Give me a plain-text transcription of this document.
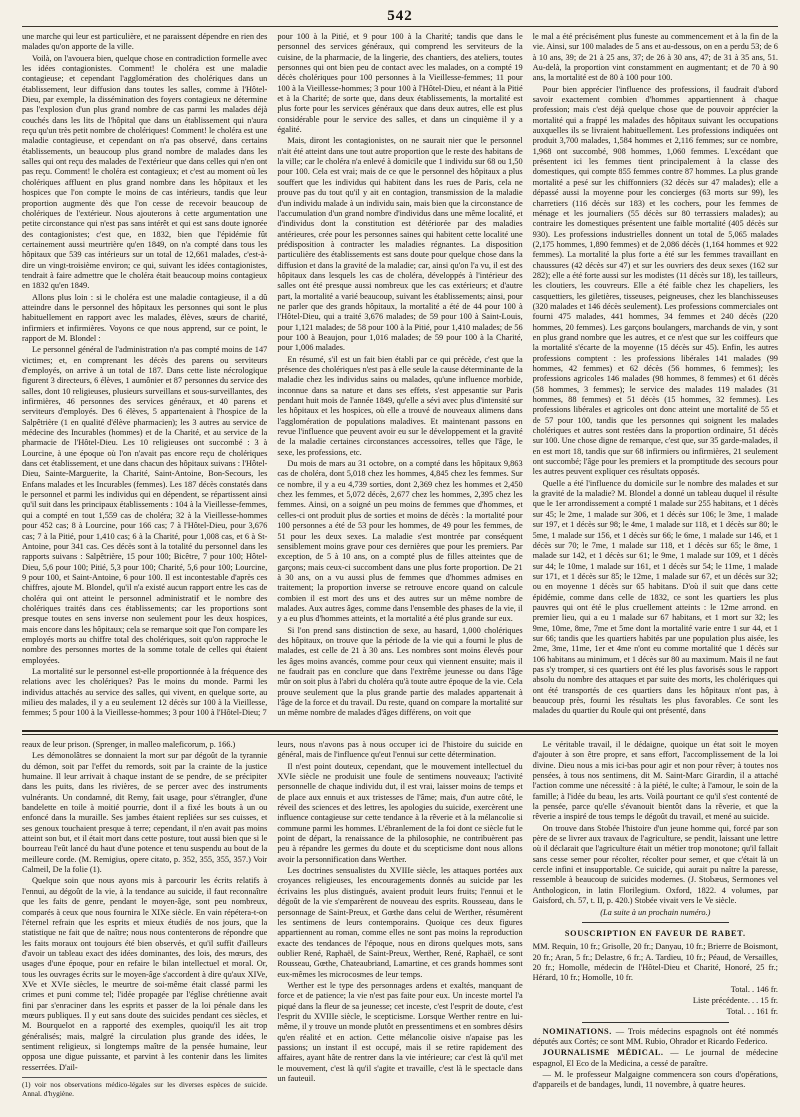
542

une marche qui leur est particulière, et ne paraissent dépendre en rien des malades qu'on apporte de la ville.

Voilà, on l'avouera bien, quelque chose en contradiction formelle avec les idées contagionistes. Comment! le choléra est une maladie contagieuse; et cependant l'agglomération des cholériques dans un établissement, leur diffusion dans toutes les salles, comme à l'Hôtel-Dieu, par exemple, la dissémination des foyers contagieux ne détermine pas l'explosion d'un plus grand nombre de cas parmi les malades déjà couchés dans les lits de l'hôpital que dans un établissement qui n'aura reçu qu'un très petit nombre de cholériques! Comment! le choléra est une maladie contagieuse, et cependant on n'a pas observé, dans certains établissements, un beaucoup plus grand nombre de malades dans les salles qui ont reçu des malades de l'extérieur que dans celles qui n'en ont pas reçu. Comment! le choléra est contagieux; et c'est au moment où les cholériques affluent en plus grand nombre dans les hôpitaux et les hospices que l'on compte le moins de cas intérieurs, tandis que leur proportion augmente dès que l'on cesse de recevoir beaucoup de cholériques de l'extérieur. Nous ajouterons à cette argumentation une petite circonstance qui n'est pas sans intérêt et qui est sans doute ignorée des contagionistes; c'est que, en 1832, bien que l'épidémie fût certainement aussi meurtrière qu'en 1849, on n'a compté dans tous les hôpitaux que 539 cas intérieurs sur un total de 12,661 malades, c'est-à-dire un vingt-troisième environ; ce qui, suivant les idées contagionistes, tendrait à faire admettre que le choléra était beaucoup moins contagieux en 1832 qu'en 1849.

Allons plus loin : si le choléra est une maladie contagieuse, il a dû atteindre dans le personnel des hôpitaux les personnes qui sont le plus habituellement en rapport avec les malades, élèves, sœurs de charité, infirmiers et infirmières. Voyons ce que nous apprend, sur ce point, le rapport de M. Blondel :

Le personnel général de l'administration n'a pas compté moins de 147 victimes; et, en comprenant les décès des parens ou serviteurs d'employés, on arrive à un total de 187. Dans cette liste nécrologique figurent 3 directeurs, 6 élèves, 1 aumônier et 87 personnes du service des salles, dont 10 religieuses, plusieurs surveillans et sous-surveillantes, des infirmières, 46 personnes des services généraux, et 40 parens et serviteurs d'employés. Des 6 élèves, 5 appartenaient à l'hospice de la Salpêtrière (1 en qualité d'élève pharmacien); les 3 autres au service de médecine des Incurables (hommes) et de la Charité, et au service de la pharmacie de l'Hôtel-Dieu. Les 10 religieuses ont succombé : 3 à Lourcine, à une époque où l'on n'avait pas encore reçu de cholériques dans cet établissement, et une dans chacun des hôpitaux suivans : l'Hôtel-Dieu, Sainte-Marguerite, la Charité, Saint-Antoine, Bon-Secours, les Enfans malades et les Incurables (femmes). Les 187 décès constatés dans le personnel et parmi les individus qui en dépendent, se répartissent ainsi qu'il suit dans les principaux établissements : 104 à la Vieillesse-femmes, qui a compté en tout 1,559 cas de choléra; 32 à la Vieillesse-hommes pour 452 cas; 8 à Lourcine, pour 166 cas; 7 à l'Hôtel-Dieu, pour 3,676 cas; 7 à la Pitié, pour 1,410 cas; 6 à la Charité, pour 1,008 cas, et 6 à St-Antoine, pour 341 cas. Ces décès sont à la totalité du personnel dans les rapports suivans : Salpêtrière, 15 pour 100; Bicêtre, 7 pour 100; Hôtel-Dieu, 5,6 pour 100; Pitié, 5,3 pour 100; Charité, 5,6 pour 100; Lourcine, 9 pour 100, et Saint-Antoine, 6 pour 100. Il est incontestable d'après ces chiffres, ajoute M. Blondel, qu'il n'a existé aucun rapport entre les cas de choléra qui ont atteint le personnel administratif et le nombre des cholériques traités dans ces établissements; car les proportions sont presque toutes en sens inverse non seulement pour les deux hospices, mais encore dans les hôpitaux; cela se remarque soit que l'on compare les employés morts au chiffre total des cholériques, soit qu'on rapproche le nombre des personnes mortes de la somme totale de celles qui étaient employées.

La mortalité sur le personnel est-elle proportionnée à la fréquence des relations avec les cholériques? Pas le moins du monde. Parmi les individus attachés au service des salles, qui vivent, en quelque sorte, au milieu des malades, il y a eu seulement 12 décès sur 100 à la Vieillesse, femmes; 5 pour 100 à la Vieillesse-hommes; 3 pour 100 à l'Hôtel-Dieu; 7

pour 100 à la Pitié, et 9 pour 100 à la Charité; tandis que dans le personnel des services généraux, qui comprend les serviteurs de la cuisine, de la pharmacie, de la lingerie, des chantiers, des ateliers, toutes personnes qui ont bien peu de contact avec les malades, on a compté 19 décès cholériques pour 100 personnes à la Vieillesse-femmes; 11 pour 100 à la Vieillesse-hommes; 3 pour 100 à l'Hôtel-Dieu, et néant à la Pitié et à la Charité; de sorte que, dans deux établissements, la mortalité est plus forte pour les services généraux que dans deux autres, elle est plus considérable pour le service des salles, et dans un cinquième il y a égalité.

Mais, diront les contagionistes, on ne saurait nier que le personnel n'ait été atteint dans une tout autre proportion que le reste des habitans de la ville; car le choléra n'a enlevé à domicile que 1 individu sur 68 ou 1,50 pour 100. Cela est vrai; mais de ce que le personnel des hôpitaux a plus souffert que les individus qui habitent dans les rues de Paris, cela ne prouve pas du tout qu'il y ait en contagion, transmission de la maladie d'un individu malade à un individu sain, mais bien que la circonstance de l'accumulation d'un grand nombre d'individus dans une même localité, et d'individus dont la constitution est détériorée par des maladies antérieures, crée pour les personnes saines qui habitent cette localité une prédisposition à contracter les maladies régnantes. La disposition particulière des établissements est sans doute pour quelque chose dans la diffusion et dans la gravité de la maladie; car, ainsi qu'on l'a vu, il est des hôpitaux dans lesquels les cas de choléra, développés à l'intérieur des salles ont été presque aussi nombreux que les cas extérieurs; et d'autre part, la mortalité a varié beaucoup, suivant les établissements; ainsi, pour ne parler que des grands hôpitaux, la mortalité a été de 44 pour 100 à l'Hôtel-Dieu, qui a traité 3,676 malades; de 59 pour 100 à Saint-Louis, pour 1,121 malades; de 58 pour 100 à la Pitié, pour 1,410 malades; de 56 pour 100 à Beaujon, pour 1,016 malades; de 59 pour 100 à la Charité, pour 1,006 malades.

En résumé, s'il est un fait bien établi par ce qui précède, c'est que la présence des cholériques n'est pas à elle seule la cause déterminante de la maladie chez les individus sains ou malades, qu'une influence morbide, inconnue dans sa nature et dans ses effets, s'est appesantie sur Paris pendant huit mois de l'année 1849, qu'elle a sévi avec plus d'intensité sur les hôpitaux et les hospices, où elle a trouvé de nouveaux alimens dans l'agglomération de populations maladives. Et maintenant passons en revue l'influence que peuvent avoir eu sur le développement et la gravité de la maladie certaines circonstances accessoires, telles que l'âge, le sexe, les professions, etc.

Du mois de mars au 31 octobre, on a compté dans les hôpitaux 9,863 cas de choléra, dont 5,018 chez les hommes, 4,845 chez les femmes. Sur ce nombre, il y a eu 4,739 sorties, dont 2,369 chez les hommes et 2,450 chez les femmes, et 5,072 décès, 2,677 chez les hommes, 2,395 chez les femmes. Ainsi, on a soigné un peu moins de femmes que d'hommes, et celles-ci ont produit plus de sorties et moins de décès : la mortalité pour 100 personnes a été de 53 pour les hommes, de 49 pour les femmes, de 51 pour les deux sexes. La maladie s'est montrée par conséquent sensiblement moins grave pour ces dernières que pour les premiers. Par exception, de 5 à 10 ans, on a compté plus de filles atteintes que de garçons; mais ceux-ci succombent dans une plus forte proportion. De 21 à 30 ans, on a vu aussi plus de femmes que d'hommes admises en traitement; la proportion inverse se retrouve encore quand on calcule combien il est mort des uns et des autres sur un même nombre de malades. Aux autres âges, comme dans l'ensemble des phases de la vie, il y a eu plus d'hommes atteints, et la mortalité a été plus grande sur eux.

Si l'on prend sans distinction de sexe, au hasard, 1,000 cholériques des hôpitaux, on trouve que la période de la vie qui a fourni le plus de malades, est celle de 21 à 30 ans. Les nombres sont moins élevés pour les âges moins avancés, comme pour ceux qui viennent ensuite; mais il ne faudrait pas en conclure que dans l'extrême jeunesse ou dans l'âge mûr on soit plus à l'abri du choléra qu'à toute autre époque de la vie. Cela prouve seulement que la plus grande partie des malades appartenait à l'âge de la force et du travail. Du reste, quand on compare la mortalité sur un même nombre de malades d'âges différens, on voit que

le mal a été précisément plus funeste au commencement et à la fin de la vie. Ainsi, sur 100 malades de 5 ans et au-dessous, on en a perdu 53; de 6 à 10 ans, 39; de 21 à 25 ans, 37; de 26 à 30 ans, 47; de 31 à 35 ans, 51. Au-delà, la proportion vint constamment en augmentant; et de 70 à 90 ans, la mortalité est de 80 à 100 pour 100.

Pour bien apprécier l'influence des professions, il faudrait d'abord savoir exactement combien d'hommes appartiennent à chaque profession; mais c'est déjà quelque chose que de pouvoir apprécier la mortalité qui a frappé les malades des hôpitaux suivant les occupations auxquelles ils se livraient habituellement. Les professions indiquées ont produit 3,700 malades, 1,584 hommes et 2,116 femmes; sur ce nombre, 1,968 ont succombé, 908 hommes, 1,060 femmes. L'excédant que présentent ici les femmes tient principalement à la classe des domestiques, qui compte 855 femmes contre 87 hommes. La plus grande mortalité a pesé sur les chiffonniers (32 décès sur 47 malades); elle a dépassé aussi la moyenne pour les concierges (63 morts sur 99), les charretiers (116 décès sur 183) et les cochers, pour les femmes de ménage et les journaliers (55 décès sur 80 terrassiers malades); au contraire les domestiques présentent une faible mortalité (405 décès sur 930). Les professions industrielles donnent un total de 5,065 malades (2,175 hommes, 1,890 femmes) et de 2,086 décès (1,164 hommes et 922 femmes). La mortalité la plus forte a été sur les femmes travaillant en chaussures (42 décès sur 47) et sur les ouvriers des deux sexes (162 sur 282); elle a été forte aussi sur les modistes (11 décès sur 18), les tailleurs, les cloutiers, les couvreurs. Elle a été faible chez les chapeliers, les casquettiers, les giletières, tisseuses, peigneuses, chez les blanchisseuses (320 malades et 146 décès seulement). Les professions commerciales ont fourni 475 malades, 441 hommes, 34 femmes et 240 décès (220 hommes, 20 femmes). Les garçons boulangers, marchands de vin, y sont en plus grand nombre que les autres, et ce n'est que sur les coiffeurs que la mortalité s'écarte de la moyenne (15 décès sur 45). Enfin, les autres professions comptent : les professions libérales 141 malades (99 hommes, 42 femmes) et 62 décès (56 hommes, 6 femmes); les professions agricoles 146 malades (98 hommes, 8 femmes) et 61 décès (58 hommes, 3 femmes); le service des malades 119 malades (31 hommes, 88 femmes) et 51 décès (15 hommes, 32 femmes). Les professions libérales et agricoles ont donc atteint une mortalité de 55 et de 57 pour 100, tandis que les personnes qui soignent les malades cholériques et autres sont restées dans la proportion ordinaire, 51 décès sur 100. Une chose digne de remarque, c'est que, sur 35 garde-malades, il en est mort 18, tandis que sur 68 infirmiers ou infirmières, 21 seulement ont succombé; l'âge pour les premiers et la promptitude des secours pour les autres peuvent expliquer ces résultats opposés.

Quelle a été l'influence du domicile sur le nombre des malades et sur la gravité de la maladie? M. Blondel a donné un tableau duquel il résulte que le 1er arrondissement a compté 1 malade sur 255 habitans, et 1 décès sur 45; le 2me, 1 malade sur 306, et 1 décès sur 106; le 3me, 1 malade sur 197, et 1 décès sur 98; le 4me, 1 malade sur 118, et 1 décès sur 80; le 5me, 1 malade sur 156, et 1 décès sur 66; le 6me, 1 malade sur 146, et 1 décès sur 70; le 7me, 1 malade sur 118, et 1 décès sur 65; le 8me, 1 malade sur 142, et 1 décès sur 61; le 9me, 1 malade sur 109, et 1 décès sur 44; le 10me, 1 malade sur 161, et 1 décès sur 54; le 11me, 1 malade sur 171, et 1 décès sur 85; le 12me, 1 malade sur 67, et un décès sur 32; ou en moyenne 1 décès sur 65 habitans. D'où il suit que dans cette épidémie, comme dans celle de 1832, ce sont les quartiers les plus pauvres qui ont été le plus cruellement atteints : le 12me arrond. en premier lieu, qui a eu 1 malade sur 67 habitans, et 1 mort sur 32; les 9me, 10me, 8me, 7me et 5me dont la mortalité varie entre 1 sur 44, et 1 sur 66; tandis que les quartiers habités par une population plus aisée, les 2me, 3me, 11me, 1er et 4me n'ont eu comme mortalité que 1 décès sur 106 habitans au minimum, et 1 décès sur 80 au maximum. Mais il ne faut pas s'y tromper, si ces quartiers ont été les plus favorisés sous le rapport absolu du nombre des attaques et par suite des morts, les cholériques qui ont été transportés de ces quartiers dans les hôpitaux n'ont pas, à beaucoup près, fourni les résultats les plus favorables. Ce sont les malades du quartier du Roule qui ont présenté, dans

reaux de leur prison. (Sprenger, in malleo maleficorum, p. 166.)

Les démonolâtres se donnaient la mort sur par dégoût de la tyrannie du démon, soit par l'effet du remords, soit par la crainte de la justice humaine. Il leur arrivait à chaque instant de se pendre, de se précipiter dans les puits, dans les rivières, de se percer avec des instruments vulnérants. Un condamné, dit Remy, fait usage, pour s'étrangler, d'une bandelette en toile à moitié pourrie, dont il a fixé les bouts à un ou enfoncé dans la muraille. Ses jambes étaient repliées sur ses cuisses, et ses genoux touchaient presque à terre; cependant, il n'en avait pas moins atteint son but, et il était mort dans cette posture, tout aussi bien que si le bourreau l'eût lancé du haut d'une potence et tenu suspendu au bout de la meilleure corde. (M. Remigius, opere citato, p. 352, 355, 355, 357.) Voir Calmeil, De la folie (1).

Quelque soin que nous ayons mis à parcourir les écrits relatifs à l'ennui, au dégoût de la vie, à la tendance au suicide, il faut reconnaître que les faits de genre, pendant le moyen-âge, sont peu nombreux, comparés à ceux que nous fournira le XIXe siècle. En vain répétera-t-on l'éternel refrain que les esprits et mieux étudiés de nos jours, que la statistique ne fait que de naître; nous nous contenterons de répondre que les faits moraux ont toujours été bien observés, et qu'il suffit d'ailleurs d'avoir un tableau exact des idées dominantes, des lois, des mœurs, des usages d'une époque, pour en refaire le bilan intellectuel et moral. Or, tous les ouvrages écrits sur le moyen-âge s'accordent à dire qu'aux XIVe, XVe et XVIe siècles, le meurtre de soi-même était classé parmi les crimes et puni comme tel; l'idée propagée par l'église chrétienne avait fini par s'enraciner dans les esprits et passer de la loi pénale dans les mœurs publiques. Il y eut sans doute des suicides pendant ces siècles, et M. Bourquelot en a rapporté des exemples, quoiqu'il les ait trop généralisés; mais, malgré la circulation plus grande des idées, le sentiment religieux, si longtemps maître de la pensée humaine, leur opposa une digue puissante, et parvint à les contenir dans les limites resserrées. D'ail-

(1) voir nos observations médico-légales sur les diverses espèces de suicide. Annal. d'hygiène.

leurs, nous n'avons pas à nous occuper ici de l'histoire du suicide en général, mais de l'influence qu'eut l'ennui sur cette détermination.

Il n'est point douteux, cependant, que le mouvement intellectuel du XVIe siècle ne produisit une foule de sentimens nouveaux; l'activité personnelle de chaque individu dut, il est vrai, laisser moins de temps et de place aux ennuis et aux tristesses de l'âme; mais, d'un autre côté, le réveil des sciences et des lettres, les apologies du suicide, exercèrent une influence contagieuse sur cette tendance à la rêverie et à la mélancolie si commune parmi les hommes. L'ébranlement de la foi dont ce siècle fut le point de départ, la renaissance de la philosophie, ne contribuèrent pas peu à répandre les germes du doute et du scepticisme dont nous allons avoir la personnification dans Werther.

Les doctrines sensualistes du XVIIIe siècle, les attaques portées aux croyances religieuses, les encouragements donnés au suicide par les écrivains les plus distingués, avaient produit leurs fruits; l'ennui et le dégoût de la vie s'emparèrent de nouveau des esprits. Rousseau, dans le personnage de Saint-Preux, et Gœthe dans celui de Werther, résumèrent les sentimens de leurs contemporains. Quoique ces deux figures appartiennent au roman, comme elles ne sont pas moins la reproduction exacte des tendances de l'époque, nous en dirons quelques mots, sans oublier René, Raphaël, de Saint-Preux, Werther, René, Raphaël, ce sont Rousseau, Gœthe, Chateaubriand, Lamartine, et ces grands hommes sont eux-mêmes les microcosmes de leur temps.

Werther est le type des personnages ardens et exaltés, manquant de force et de patience; la vie n'est pas faite pour eux. Un inceste mortel l'a piqué dans la fleur de sa jeunesse; cet inceste, c'est l'esprit de doute, c'est l'esprit du XVIIIe siècle, le scepticisme. Lorsque Werther rentre en lui-même, il y trouve un monde plutôt en pressentimens et en sombres désirs qu'en réalité et en action. Cette mélancolie oisive n'apaise pas les passions; un instant il est occupé, mais il se retire rapidement des affaires, ayant hâte de rentrer dans la vie intérieure; car c'est là qu'il met le mouvement, c'est là qu'il s'agite et travaille, c'est là le spectacle dans un fauteuil.

Le véritable travail, il le dédaigne, quoique un état soit le moyen d'ajouter à son être propre, et sans effort, l'accomplissement de la loi divine. Dieu nous a mis ici-bas pour agir et non pour rêver; à toutes nos pensées, à tous nos sentimens, dit M. Saint-Marc Girardin, il a attaché l'action comme une nécessité : à la piété, le culte; à l'amour, le soin de la famille; à l'idée du beau, les arts. Voilà pourtant ce qu'il s'est contenté de la pensée, parce qu'elle s'évanouit bientôt dans la rêverie, et que la rêverie a inspiré de tous temps le dégoût du travail, et mené au suicide.

On trouve dans Stobée l'histoire d'un jeune homme qui, forcé par son père de se livrer aux travaux de l'agriculture, se pendit, laissant une lettre où il déclarait que l'agriculture était un métier trop monotone; qu'il fallait sans cesse semer pour récolter, récolter pour semer, et que c'était là un cercle infini et insupportable. Ce suicide, qui aurait pu naître la paresse, ressemble à beaucoup de suicides modernes. (J. Stobæus, Sermones vel Anthologicon, in latin Florilegium. Oxford, 1822. 4 volumes, par Gaisford, ch. 57, t. II, p. 420.) Stobée vivait vers le Ve siècle.

(La suite à un prochain numéro.)

SOUSCRIPTION EN FAVEUR DE RABET.

MM. Requin, 10 fr.; Grisolle, 20 fr.; Danyau, 10 fr.; Brierre de Boismont, 20 fr.; Aran, 5 fr.; Delastre, 6 fr.; A. Tardieu, 10 fr.; Péaud, de Versailles, 20 fr.; Homolle, médecin de l'Hôtel-Dieu et Charité, Honoré, 25 fr.; Hérard, 10 fr.; Homolle, 10 fr.

Total. . 146 fr.

Liste précédente. . . 15 fr.

Total. . . 161 fr.

NOMINATIONS. — Trois médecins espagnols ont été nommés députés aux Cortès; ce sont MM. Rubio, Ohrador et Ricardo Federico.

JOURNALISME MÉDICAL. — Le journal de médecine espagnol, El Eco de la Medicina, a cessé de paraître.

— M. le professeur Malgaigne commencera son cours d'opérations, d'appareils et de bandages, lundi, 11 novembre, à quatre heures.
